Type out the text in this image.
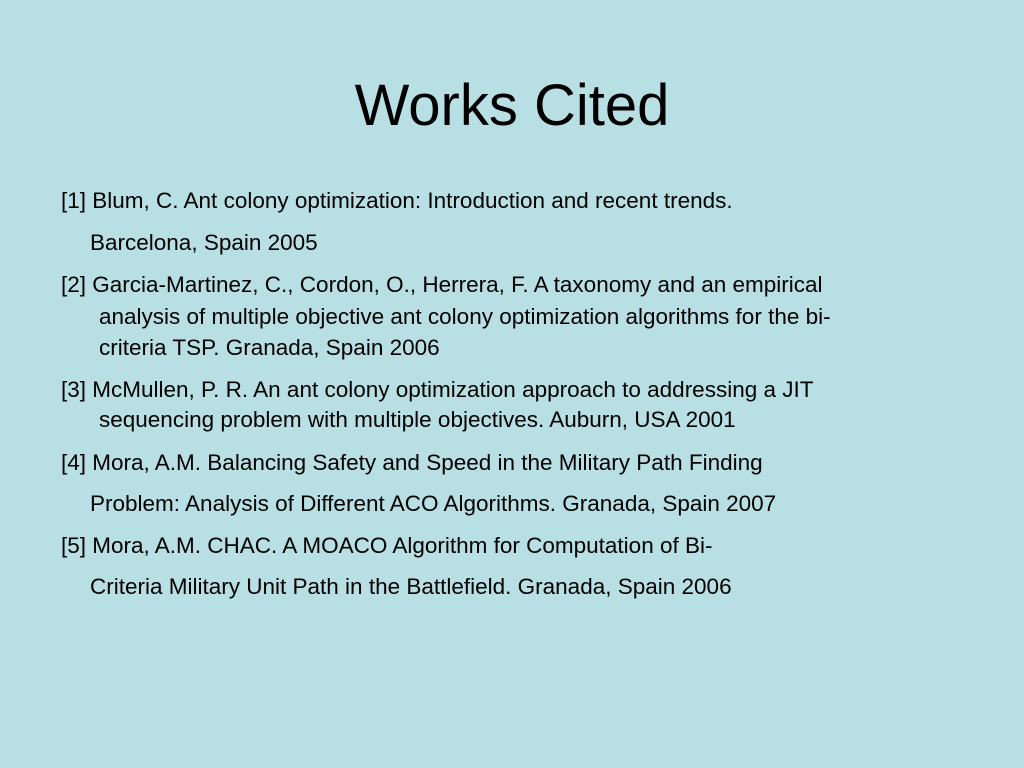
Works Cited
[1] Blum, C. Ant colony optimization: Introduction and recent trends.
Barcelona, Spain 2005
[2] Garcia-Martinez, C., Cordon, O., Herrera, F. A taxonomy and an empirical
analysis of multiple objective ant colony optimization algorithms for the bi-
criteria TSP. Granada, Spain 2006
[3] McMullen, P. R. An ant colony optimization approach to addressing a JIT
sequencing problem with multiple objectives. Auburn, USA 2001
[4] Mora, A.M. Balancing Safety and Speed in the Military Path Finding
Problem: Analysis of Different ACO Algorithms. Granada, Spain 2007
[5] Mora, A.M. CHAC. A MOACO Algorithm for Computation of Bi-
Criteria Military Unit Path in the Battlefield. Granada, Spain 2006
